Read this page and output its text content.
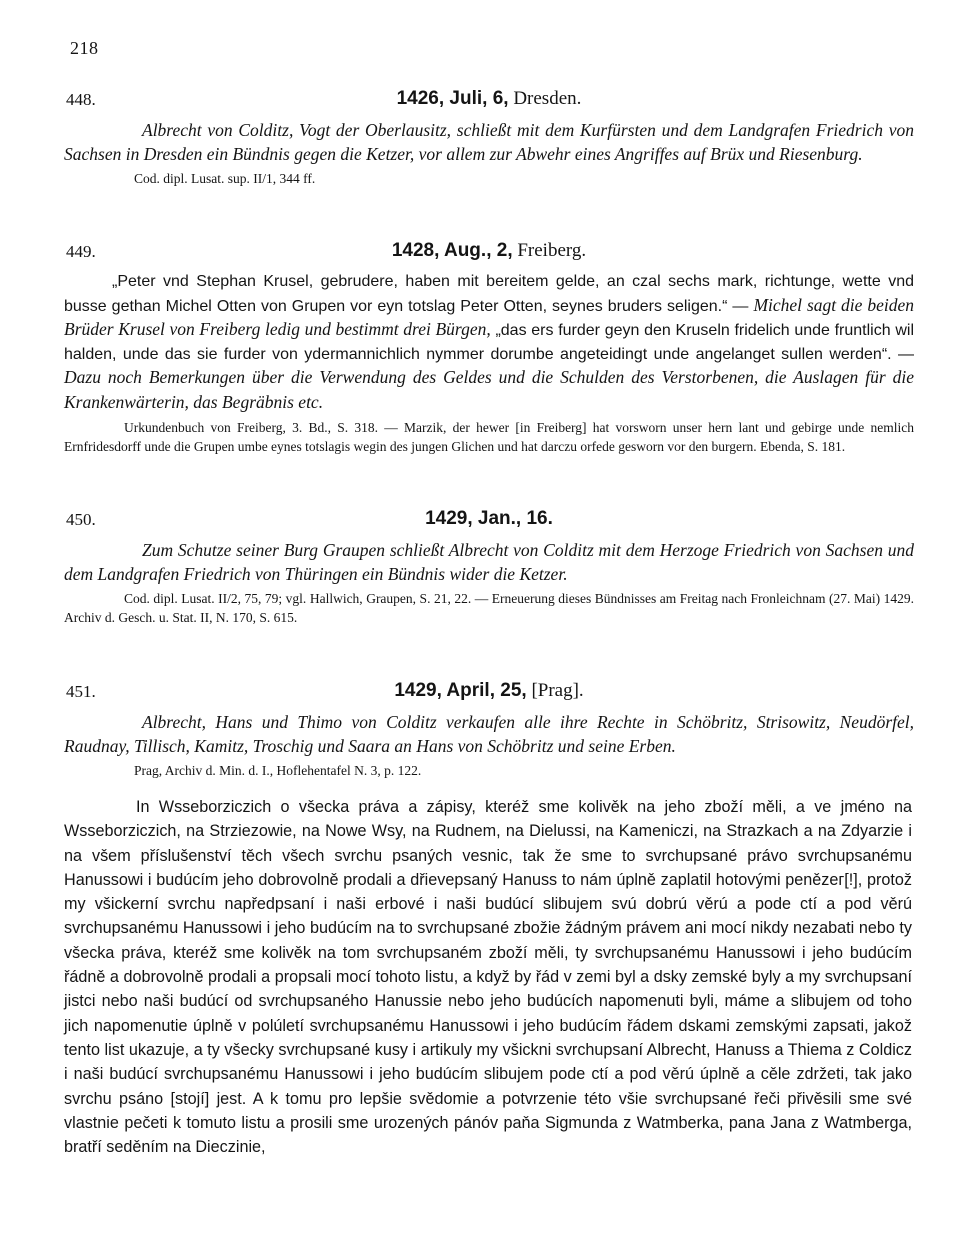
218
448.	1426, Juli, 6, Dresden.

Albrecht von Colditz, Vogt der Oberlausitz, schließt mit dem Kurfürsten und dem Landgrafen Friedrich von Sachsen in Dresden ein Bündnis gegen die Ketzer, vor allem zur Abwehr eines Angriffes auf Brüx und Riesenburg.

Cod. dipl. Lusat. sup. II/1, 344 ff.

449.	1428, Aug., 2, Freiberg.

„Peter vnd Stephan Krusel, gebrudere, haben mit bereitem gelde, an czal sechs mark, richtunge, wette vnd busse gethan Michel Otten von Grupen vor eyn totslag Peter Otten, seynes bruders seligen.“ — Michel sagt die beiden Brüder Krusel von Freiberg ledig und bestimmt drei Bürgen, „das ers furder geyn den Kruseln fridelich unde fruntlich wil halden, unde das sie furder von ydermannichlich nymmer dorumbe angeteidingt unde angelanget sullen werden“. — Dazu noch Bemerkungen über die Verwendung des Geldes und die Schulden des Verstorbenen, die Auslagen für die Krankenwärterin, das Begräbnis etc.

Urkundenbuch von Freiberg, 3. Bd., S. 318. — Marzik, der hewer [in Freiberg] hat vorsworn unser hern lant und gebirge unde nemlich Ernfridesdorff unde die Grupen umbe eynes totslagis wegin des jungen Glichen und hat darczu orfede gesworn vor den burgern. Ebenda, S. 181.

450.	1429, Jan., 16.

Zum Schutze seiner Burg Graupen schließt Albrecht von Colditz mit dem Herzoge Friedrich von Sachsen und dem Landgrafen Friedrich von Thüringen ein Bündnis wider die Ketzer.

Cod. dipl. Lusat. II/2, 75, 79; vgl. Hallwich, Graupen, S. 21, 22. — Erneuerung dieses Bündnisses am Freitag nach Fronleichnam (27. Mai) 1429. Archiv d. Gesch. u. Stat. II, N. 170, S. 615.

451.	1429, April, 25, [Prag].

Albrecht, Hans und Thimo von Colditz verkaufen alle ihre Rechte in Schöbritz, Strisowitz, Neudörfel, Raudnay, Tillisch, Kamitz, Troschig und Saara an Hans von Schöbritz und seine Erben.

Prag, Archiv d. Min. d. I., Hoflehentafel N. 3, p. 122.

In Wsseborziczich o všecka práva a zápisy, kteréž sme kolivěk na jeho zboží měli, a ve jméno na Wsseborziczich, na Strziezowie, na Nowe Wsy, na Rudnem, na Dielussi, na Kameniczi, na Strazkach a na Zdyarzie i na všem příslušenství těch všech svrchu psaných vesnic, tak že sme to svrchupsané právo svrchupsanému Hanussowi i budúcím jeho dobrovolně prodali a dřievepsaný Hanuss to nám úplně zaplatil hotovými penězeг[!], protož my všickerní svrchu napředpsaní i naši erbové i naši budúcí slibujem svú dobrú věrú a pode ctí a pod věrú svrchupsanému Hanussowi i jeho budúcím na to svrchupsané zbožie žádným právem ani mocí nikdy nezabati nebo ty všecka práva, kteréž sme kolivěk na tom svrchupsaném zboží měli, ty svrchupsanému Hanussowi i jeho budúcím řádně a dobrovolně prodali a propsali mocí tohoto listu, a když by řád v zemi byl a dsky zemské byly a my svrchupsaní jistci nebo naši budúcí od svrchupsaného Hanussie nebo jeho budúcích napomenuti byli, máme a slibujem od toho jich napomenutie úplně v polúletí svrchupsanému Hanussowi i jeho budúcím řádem dskami zemskými zapsati, jakož tento list ukazuje, a ty všecky svrchupsané kusy i artikuly my všickni svrchupsaní Albrecht, Hanuss a Thiema z Coldicz i naši budúcí svrchupsanému Hanussowi i jeho budúcím slibujem pode ctí a pod věrú úplně a cěle zdržeti, tak jako svrchu psáno [stojí] jest. A k tomu pro lepšie svědomie a potvrzenie této všie svrchupsané řeči přivěsili sme své vlastnie pečeti k tomuto listu a prosili sme urozených pánóv paňa Sigmunda z Watmberka, pana Jana z Watmberga, bratří seděním na Dieczinie,
